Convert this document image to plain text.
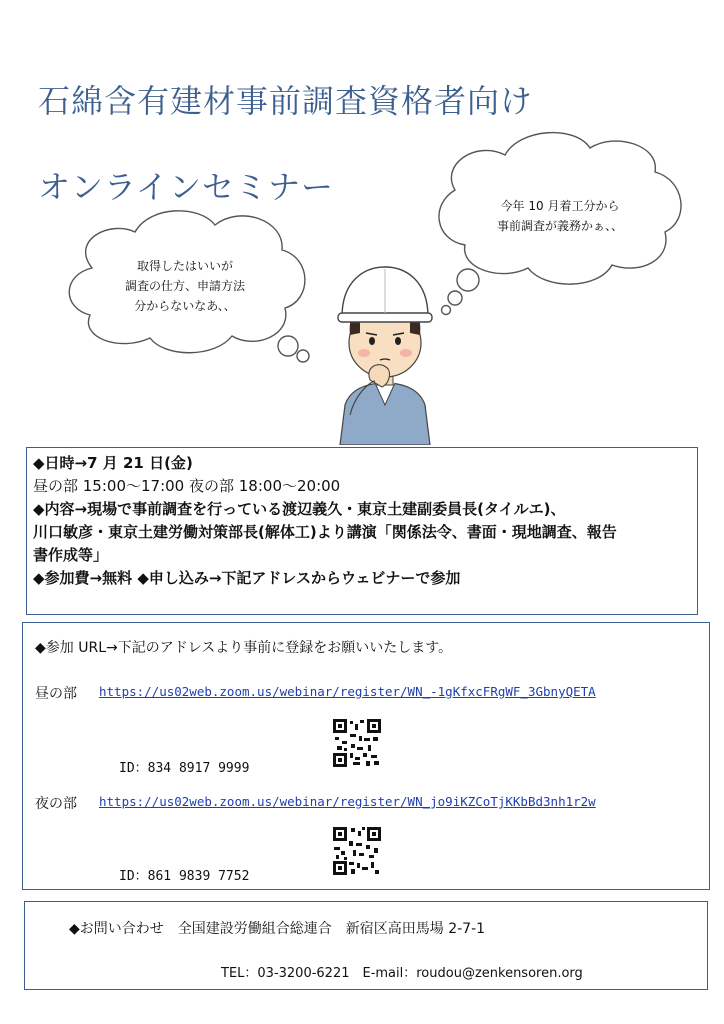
石綿含有建材事前調査資格者向け
オンラインセミナー
取得したはいいが
調査の仕方、申請方法
分からないなあ、、
今年 10 月着工分から
事前調査が義務かぁ、、
◆日時→7 月 21 日(金)
昼の部 15:00〜17:00 夜の部 18:00〜20:00
◆内容→現場で事前調査を行っている渡辺義久・東京土建副委員長(タイルエ)、
川口敏彦・東京土建労働対策部長(解体工)より講演「関係法令、書面・現地調査、報告
書作成等」
◆参加費→無料 ◆申し込み→下記アドレスからウェビナーで参加
◆参加 URL→下記のアドレスより事前に登録をお願いいたします。
昼の部 https://us02web.zoom.us/webinar/register/WN_-1gKfxcFRgWF_3GbnyQETA
ID：834 8917 9999
夜の部 https://us02web.zoom.us/webinar/register/WN_jo9iKZCoTjKKbBd3nh1r2w
ID：861 9839 7752
◆お問い合わせ　全国建設労働組合総連合　新宿区高田馬場 2-7-1
TEL：03-3200-6221　E-mail：roudou@zenkensoren.org
